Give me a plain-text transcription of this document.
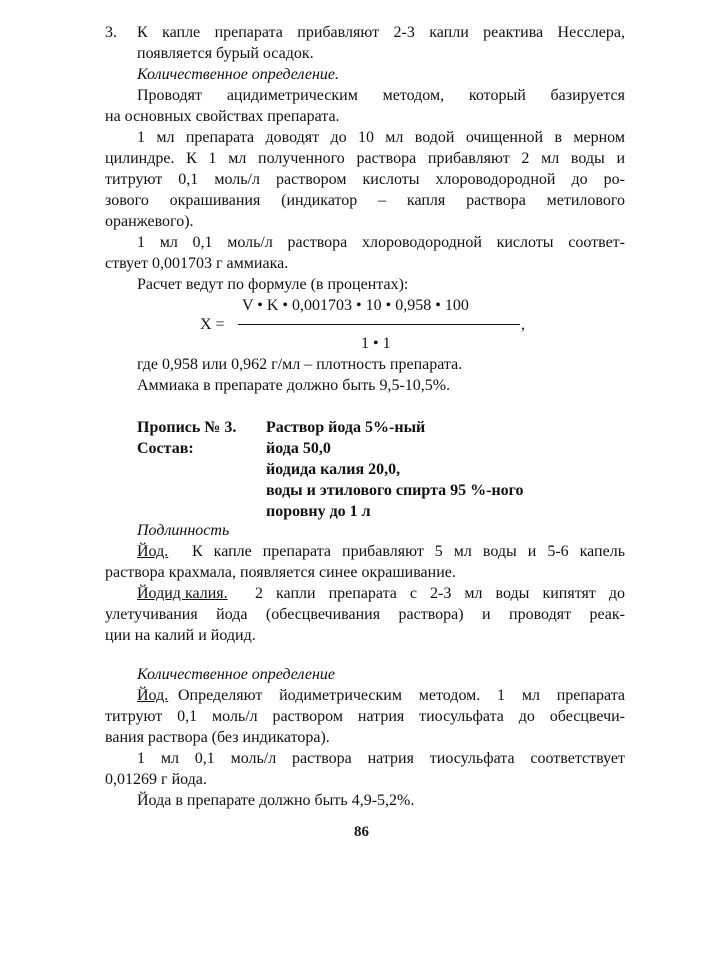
3. К капле препарата прибавляют 2-3 капли реактива Несслера,
появляется бурый осадок.
Количественное определение.
Проводят ацидиметрическим методом, который базируется
на основных свойствах препарата.
1 мл препарата доводят до 10 мл водой очищенной в мерном
цилиндре. К 1 мл полученного раствора прибавляют 2 мл воды и
титруют 0,1 моль/л раствором кислоты хлороводородной до ро-
зового окрашивания (индикатор – капля раствора метилового
оранжевого).
1 мл 0,1 моль/л раствора хлороводородной кислоты соответ-
ствует 0,001703 г аммиака.
Расчет ведут по формуле (в процентах):
V • K • 0,001703 • 10 • 0,958 • 100
X =	,
1 • 1
где 0,958 или 0,962 г/мл – плотность препарата.
Аммиака в препарате должно быть 9,5-10,5%.
Пропись № 3. Раствор йода 5%-ный
Состав:	йода 50,0
йодида калия 20,0,
воды и этилового спирта 95 %-ного
поровну до 1 л
Подлинность
Йод. К капле препарата прибавляют 5 мл воды и 5-6 капель
раствора крахмала, появляется синее окрашивание.
Йодид калия. 2 капли препарата с 2-3 мл воды кипятят до
улетучивания йода (обесцвечивания раствора) и проводят реак-
ции на калий и йодид.
Количественное определение
Йод. Определяют йодиметрическим методом. 1 мл препарата
титруют 0,1 моль/л раствором натрия тиосульфата до обесцвечи-
вания раствора (без индикатора).
1 мл 0,1 моль/л раствора натрия тиосульфата соответствует
0,01269 г йода.
Йода в препарате должно быть 4,9-5,2%.
86
